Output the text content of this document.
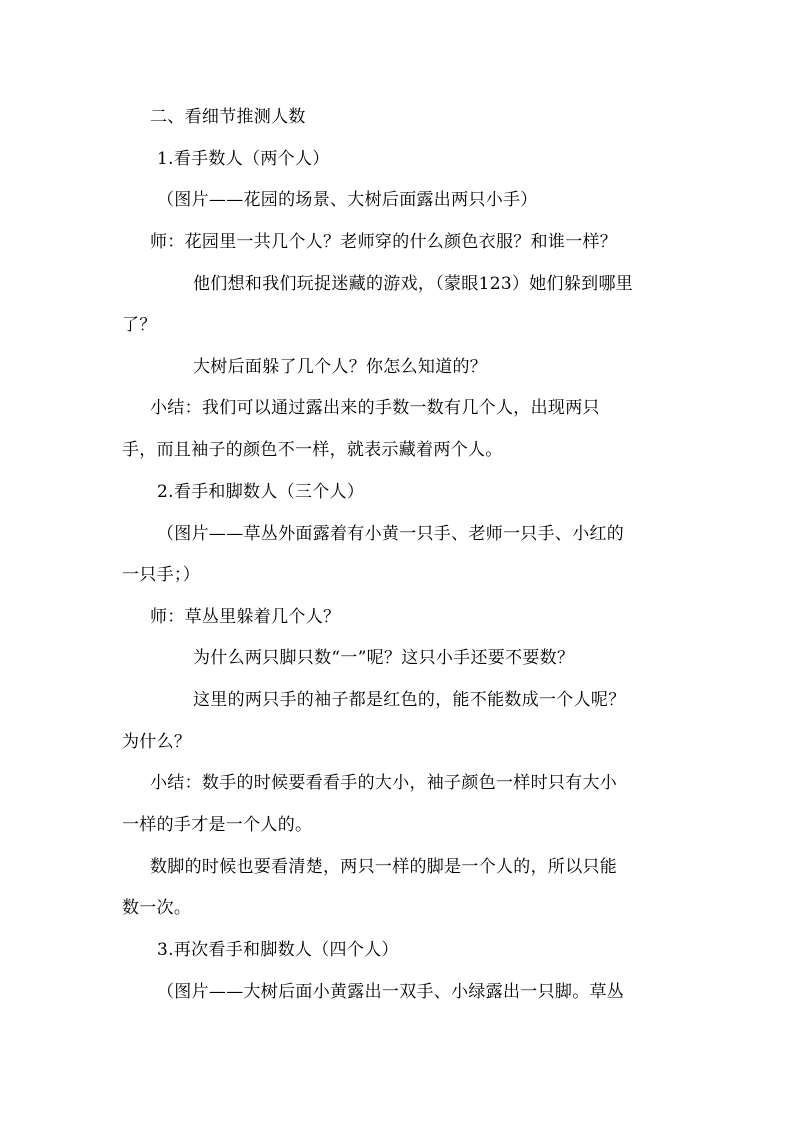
二、看细节推测人数
1.看手数人（两个人）
（图片——花园的场景、大树后面露出两只小手）
师：花园里一共几个人？老师穿的什么颜色衣服？和谁一样？
他们想和我们玩捉迷藏的游戏，（蒙眼123）她们躲到哪里
了？
大树后面躲了几个人？你怎么知道的？
小结：我们可以通过露出来的手数一数有几个人，出现两只
手，而且袖子的颜色不一样，就表示藏着两个人。
2.看手和脚数人（三个人）
（图片——草丛外面露着有小黄一只手、老师一只手、小红的
一只手；）
师：草丛里躲着几个人？
为什么两只脚只数“一”呢？这只小手还要不要数？
这里的两只手的袖子都是红色的，能不能数成一个人呢？
为什么？
小结：数手的时候要看看手的大小，袖子颜色一样时只有大小
一样的手才是一个人的。
数脚的时候也要看清楚，两只一样的脚是一个人的，所以只能
数一次。
3.再次看手和脚数人（四个人）
（图片——大树后面小黄露出一双手、小绿露出一只脚。草丛
